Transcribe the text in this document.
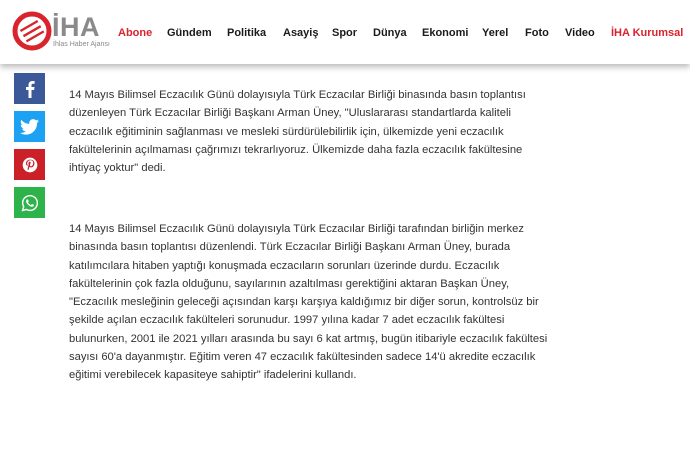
İHA
İhlas Haber Ajansı
Abone Gündem Politika Asayiş Spor Dünya Ekonomi Yerel Foto Video İHA Kurumsal

14 Mayıs Bilimsel Eczacılık Günü dolayısıyla Türk Eczacılar Birliği binasında basın toplantısı düzenleyen Türk Eczacılar Birliği Başkanı Arman Üney, "Uluslararası standartlarda kaliteli eczacılık eğitiminin sağlanması ve mesleki sürdürülebilirlik için, ülkemizde yeni eczacılık fakültelerinin açılmaması çağrımızı tekrarlıyoruz. Ülkemizde daha fazla eczacılık fakültesine ihtiyaç yoktur" dedi.

14 Mayıs Bilimsel Eczacılık Günü dolayısıyla Türk Eczacılar Birliği tarafından birliğin merkez binasında basın toplantısı düzenlendi. Türk Eczacılar Birliği Başkanı Arman Üney, burada katılımcılara hitaben yaptığı konuşmada eczacıların sorunları üzerinde durdu. Eczacılık fakültelerinin çok fazla olduğunu, sayılarının azaltılması gerektiğini aktaran Başkan Üney, "Eczacılık mesleğinin geleceği açısından karşı karşıya kaldığımız bir diğer sorun, kontrolsüz bir şekilde açılan eczacılık fakülteleri sorunudur. 1997 yılına kadar 7 adet eczacılık fakültesi bulunurken, 2001 ile 2021 yılları arasında bu sayı 6 kat artmış, bugün itibariyle eczacılık fakültesi sayısı 60'a dayanmıştır. Eğitim veren 47 eczacılık fakültesinden sadece 14'ü akredite eczacılık eğitimi verebilecek kapasiteye sahiptir" ifadelerini kullandı.
